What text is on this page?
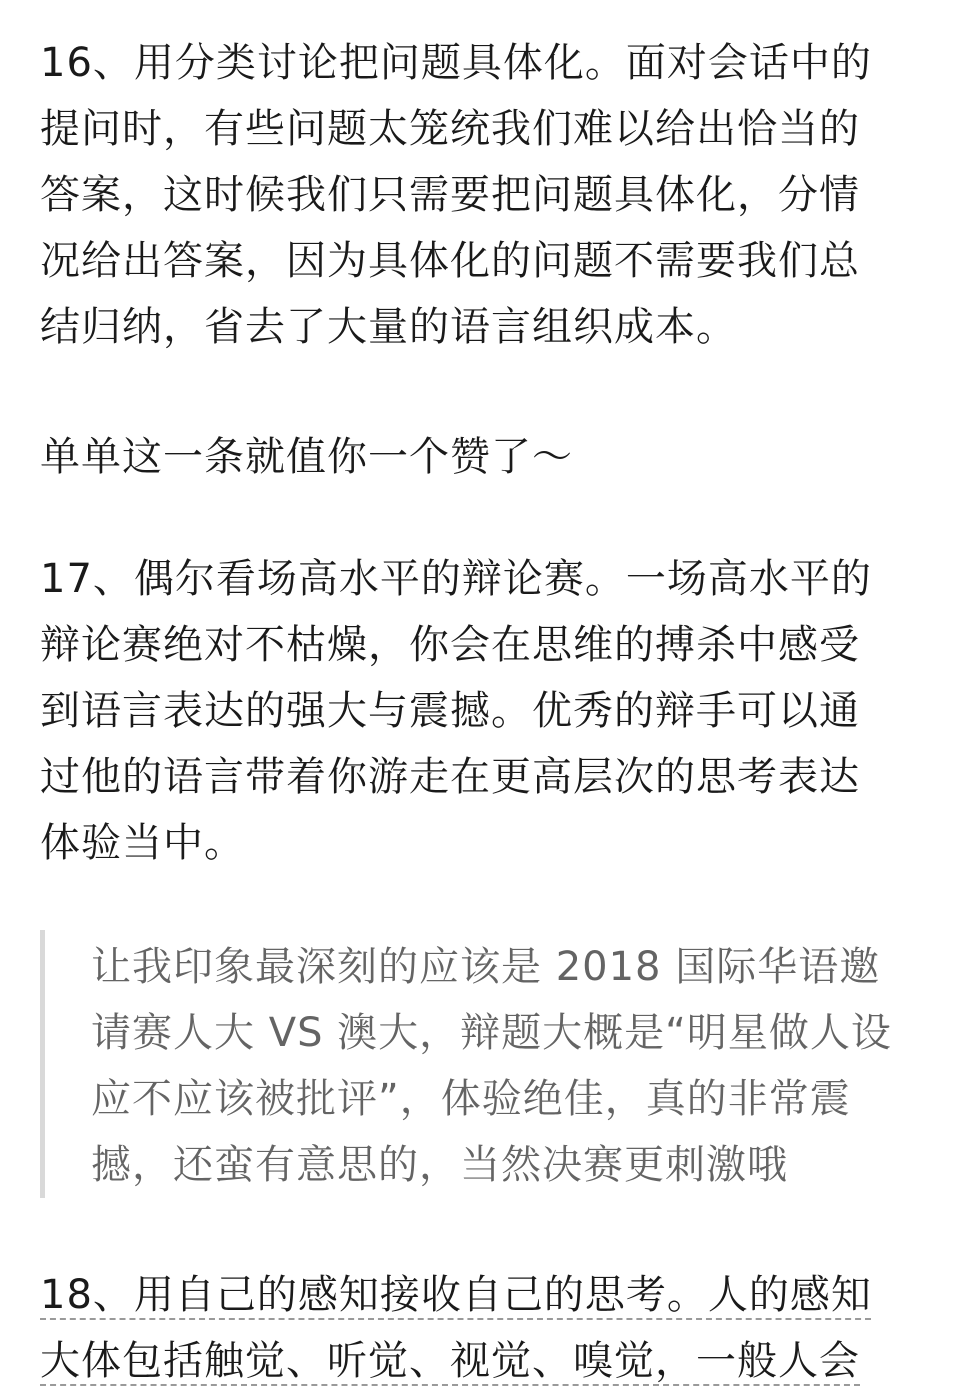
16、用分类讨论把问题具体化。面对会话中的提问时，有些问题太笼统我们难以给出恰当的答案，这时候我们只需要把问题具体化，分情况给出答案，因为具体化的问题不需要我们总结归纳，省去了大量的语言组织成本。

单单这一条就值你一个赞了～

17、偶尔看场高水平的辩论赛。一场高水平的辩论赛绝对不枯燥，你会在思维的搏杀中感受到语言表达的强大与震撼。优秀的辩手可以通过他的语言带着你游走在更高层次的思考表达体验当中。

让我印象最深刻的应该是 2018 国际华语邀请赛人大 VS 澳大，辩题大概是“明星做人设应不应该被批评”，体验绝佳，真的非常震撼，还蛮有意思的，当然决赛更刺激哦

18、用自己的感知接收自己的思考。人的感知大体包括触觉、听觉、视觉、嗅觉，一般人会
